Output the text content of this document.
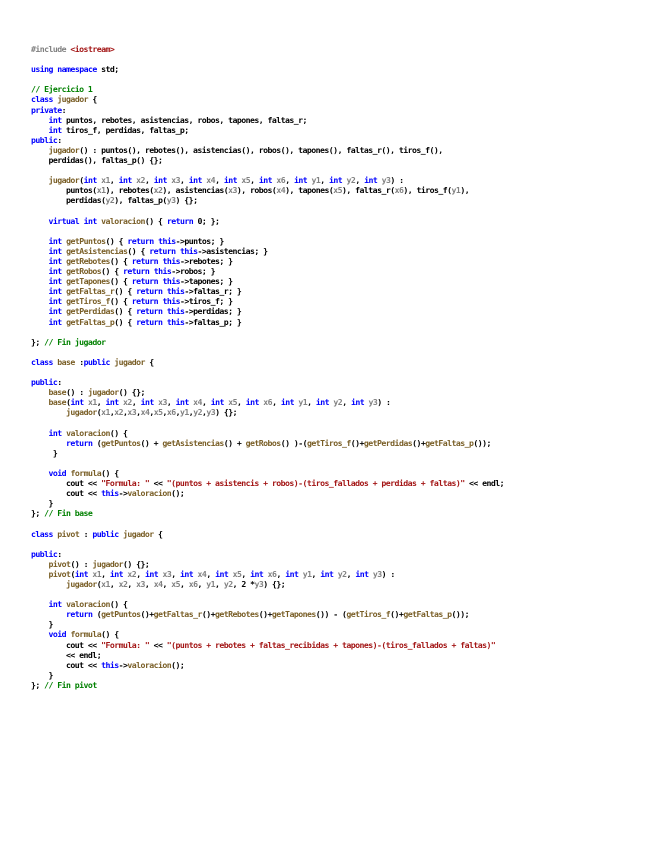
#include <iostream>

using namespace std;

// Ejercicio 1
class jugador {
private:
int puntos, rebotes, asistencias, robos, tapones, faltas_r;
int tiros_f, perdidas, faltas_p;
public:
jugador() : puntos(), rebotes(), asistencias(), robos(), tapones(), faltas_r(), tiros_f(),
perdidas(), faltas_p() {};

jugador(int x1, int x2, int x3, int x4, int x5, int x6, int y1, int y2, int y3) :
puntos(x1), rebotes(x2), asistencias(x3), robos(x4), tapones(x5), faltas_r(x6), tiros_f(y1),
perdidas(y2), faltas_p(y3) {};

virtual int valoracion() { return 0; };

int getPuntos() { return this->puntos; }
int getAsistencias() { return this->asistencias; }
int getRebotes() { return this->rebotes; }
int getRobos() { return this->robos; }
int getTapones() { return this->tapones; }
int getFaltas_r() { return this->faltas_r; }
int getTiros_f() { return this->tiros_f; }
int getPerdidas() { return this->perdidas; }
int getFaltas_p() { return this->faltas_p; }

}; // Fin jugador

class base :public jugador {

public:
base() : jugador() {};
base(int x1, int x2, int x3, int x4, int x5, int x6, int y1, int y2, int y3) :
jugador(x1,x2,x3,x4,x5,x6,y1,y2,y3) {};

int valoracion() {
return (getPuntos() + getAsistencias() + getRobos() )-(getTiros_f()+getPerdidas()+getFaltas_p());
}

void formula() {
cout << "Formula: " << "(puntos + asistencis + robos)-(tiros_fallados + perdidas + faltas)" << endl;
cout << this->valoracion();
}
}; // Fin base

class pivot : public jugador {

public:
pivot() : jugador() {};
pivot(int x1, int x2, int x3, int x4, int x5, int x6, int y1, int y2, int y3) :
jugador(x1, x2, x3, x4, x5, x6, y1, y2, 2 *y3) {};

int valoracion() {
return (getPuntos()+getFaltas_r()+getRebotes()+getTapones()) - (getTiros_f()+getFaltas_p());
}
void formula() {
cout << "Formula: " << "(puntos + rebotes + faltas_recibidas + tapones)-(tiros_fallados + faltas)"
<< endl;
cout << this->valoracion();
}
}; // Fin pivot
